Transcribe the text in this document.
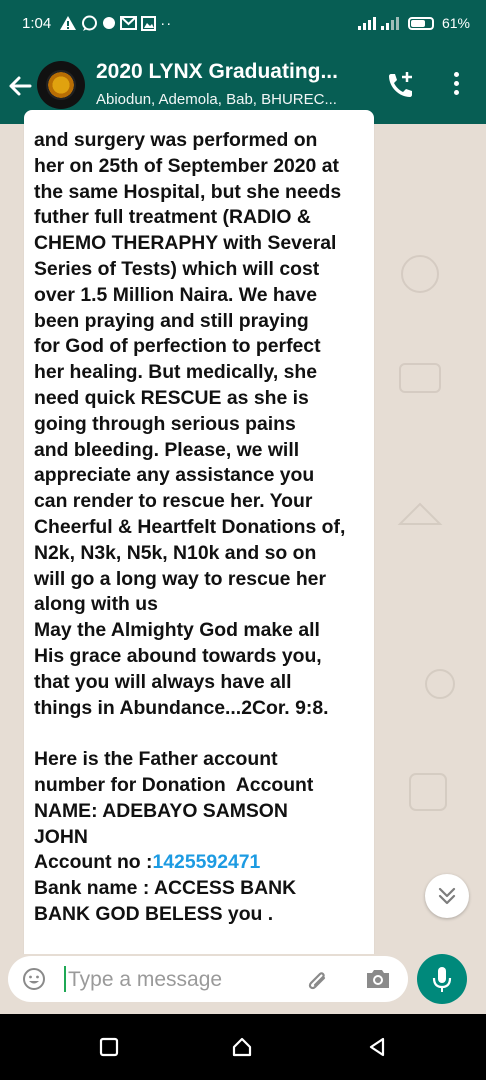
1:04	··	61%
2020 LYNX Graduating...
Abiodun, Ademola, Bab, BHUREC...
and surgery was performed on
her on 25th of September 2020 at
the same Hospital, but she needs
futher full treatment (RADIO &
CHEMO THERAPHY with Several
Series of Tests) which will cost
over 1.5 Million Naira. We have
been praying and still praying
for God of perfection to perfect
her healing. But medically, she
need quick RESCUE as she is
going through serious pains
and bleeding. Please, we will
appreciate any assistance you
can render to rescue her. Your
Cheerful & Heartfelt Donations of,
N2k, N3k, N5k, N10k and so on
will go a long way to rescue her
along with us
May the Almighty God make all
His grace abound towards you,
that you will always have all
things in Abundance...2Cor. 9:8.

Here is the Father account
number for Donation  Account
NAME: ADEBAYO SAMSON
JOHN
Account no :1425592471
Bank name : ACCESS BANK
BANK GOD BELESS you .
Type a message
